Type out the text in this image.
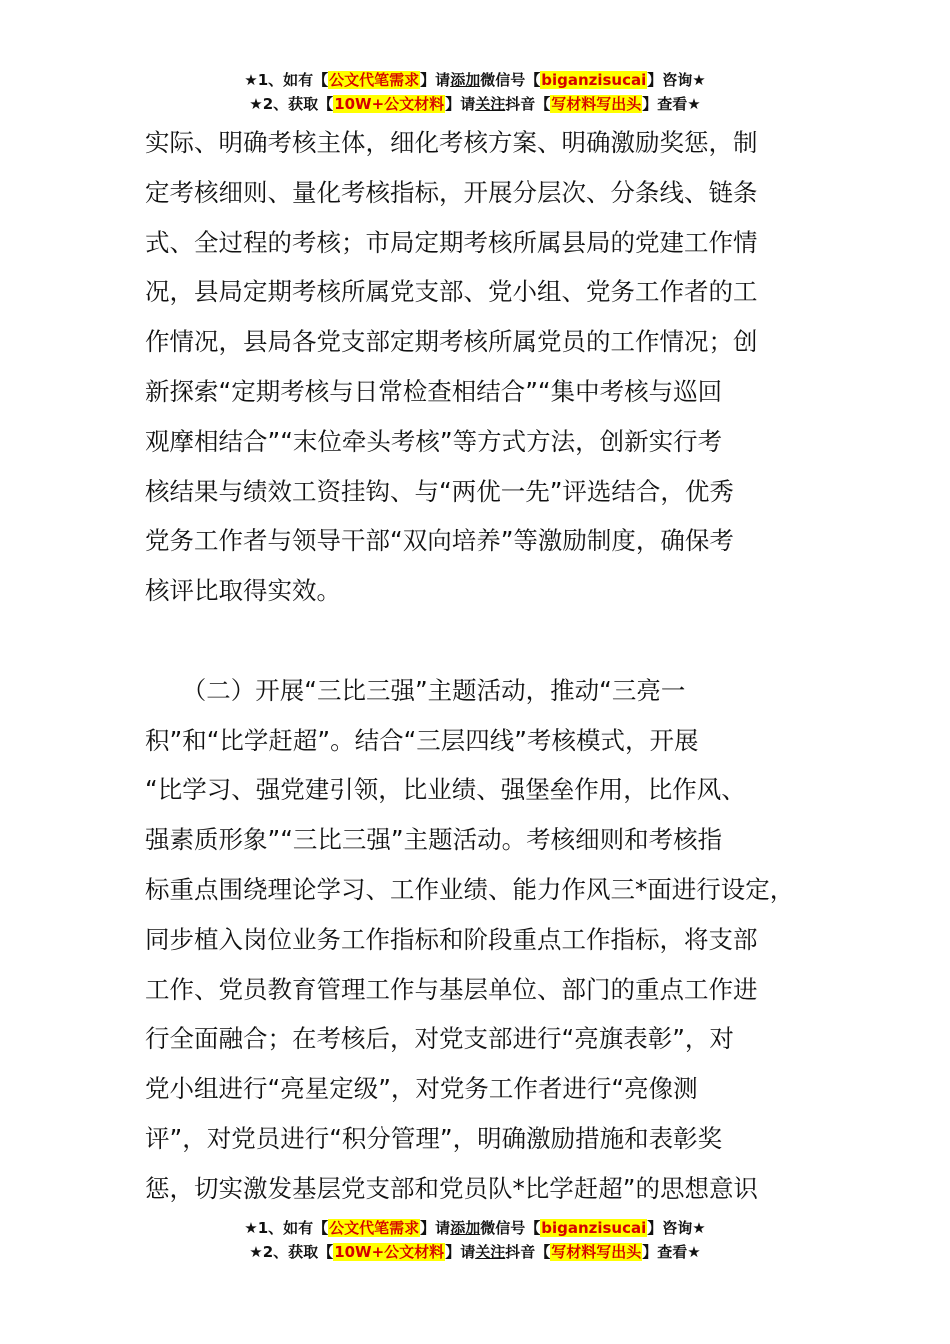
★1、如有【公文代笔需求】请添加微信号【biganzisucai】咨询★
★2、获取【10W+公文材料】请关注抖音【写材料写出头】查看★
实际、明确考核主体，细化考核方案、明确激励奖惩，制
定考核细则、量化考核指标，开展分层次、分条线、链条
式、全过程的考核；市局定期考核所属县局的党建工作情
况，县局定期考核所属党支部、党小组、党务工作者的工
作情况，县局各党支部定期考核所属党员的工作情况；创
新探索“定期考核与日常检查相结合”“集中考核与巡回
观摩相结合”“末位牵头考核”等方式方法，创新实行考
核结果与绩效工资挂钩、与“两优一先”评选结合，优秀
党务工作者与领导干部“双向培养”等激励制度，确保考
核评比取得实效。
　　（二）开展“三比三强”主题活动，推动“三亮一
积”和“比学赶超”。结合“三层四线”考核模式，开展
“比学习、强党建引领，比业绩、强堡垒作用，比作风、
强素质形象”“三比三强”主题活动。考核细则和考核指
标重点围绕理论学习、工作业绩、能力作风三*面进行设定，
同步植入岗位业务工作指标和阶段重点工作指标，将支部
工作、党员教育管理工作与基层单位、部门的重点工作进
行全面融合；在考核后，对党支部进行“亮旗表彰”，对
党小组进行“亮星定级”，对党务工作者进行“亮像测
评”，对党员进行“积分管理”，明确激励措施和表彰奖
惩，切实激发基层党支部和党员队*比学赶超”的思想意识
★1、如有【公文代笔需求】请添加微信号【biganzisucai】咨询★
★2、获取【10W+公文材料】请关注抖音【写材料写出头】查看★
